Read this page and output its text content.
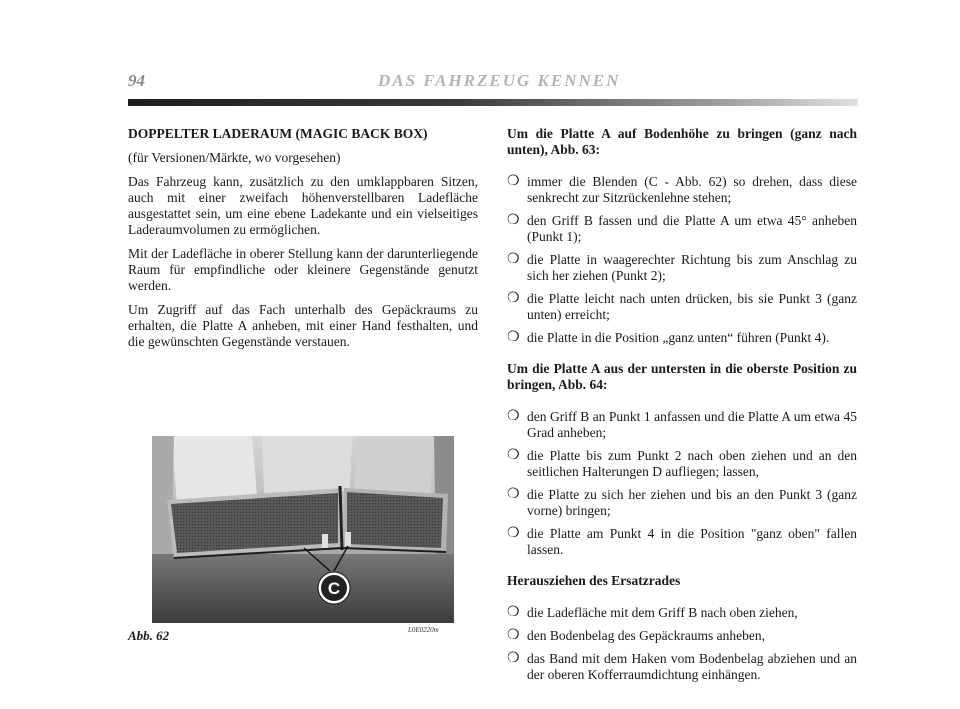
94	DAS FAHRZEUG KENNEN

DOPPELTER LADERAUM (MAGIC BACK BOX)

(für Versionen/Märkte, wo vorgesehen)

Das Fahrzeug kann, zusätzlich zu den umklappbaren Sitzen, auch mit einer zweifach höhenverstellbaren Ladefläche ausgestattet sein, um eine ebene Ladekante und ein vielseitiges Laderaumvolumen zu ermöglichen.

Mit der Ladefläche in oberer Stellung kann der darunterliegende Raum für empfindliche oder kleinere Gegenstände genutzt werden.

Um Zugriff auf das Fach unterhalb des Gepäckraums zu erhalten, die Platte A anheben, mit einer Hand festhalten, und die gewünschten Gegenstände verstauen.

C
Abb. 62	L0E0220m

Um die Platte A auf Bodenhöhe zu bringen (ganz nach unten), Abb. 63:

❍ immer die Blenden (C - Abb. 62) so drehen, dass diese senkrecht zur Sitzrückenlehne stehen;
❍ den Griff B fassen und die Platte A um etwa 45° anheben (Punkt 1);
❍ die Platte in waagerechter Richtung bis zum Anschlag zu sich her ziehen (Punkt 2);
❍ die Platte leicht nach unten drücken, bis sie Punkt 3 (ganz unten) erreicht;
❍ die Platte in die Position „ganz unten“ führen (Punkt 4).

Um die Platte A aus der untersten in die oberste Position zu bringen, Abb. 64:

❍ den Griff B an Punkt 1 anfassen und die Platte A um etwa 45 Grad anheben;
❍ die Platte bis zum Punkt 2 nach oben ziehen und an den seitlichen Halterungen D aufliegen; lassen,
❍ die Platte zu sich her ziehen und bis an den Punkt 3 (ganz vorne) bringen;
❍ die Platte am Punkt 4 in die Position "ganz oben" fallen lassen.

Herausziehen des Ersatzrades

❍ die Ladefläche mit dem Griff B nach oben ziehen,
❍ den Bodenbelag des Gepäckraums anheben,
❍ das Band mit dem Haken vom Bodenbelag abziehen und an der oberen Kofferraumdichtung einhängen.
